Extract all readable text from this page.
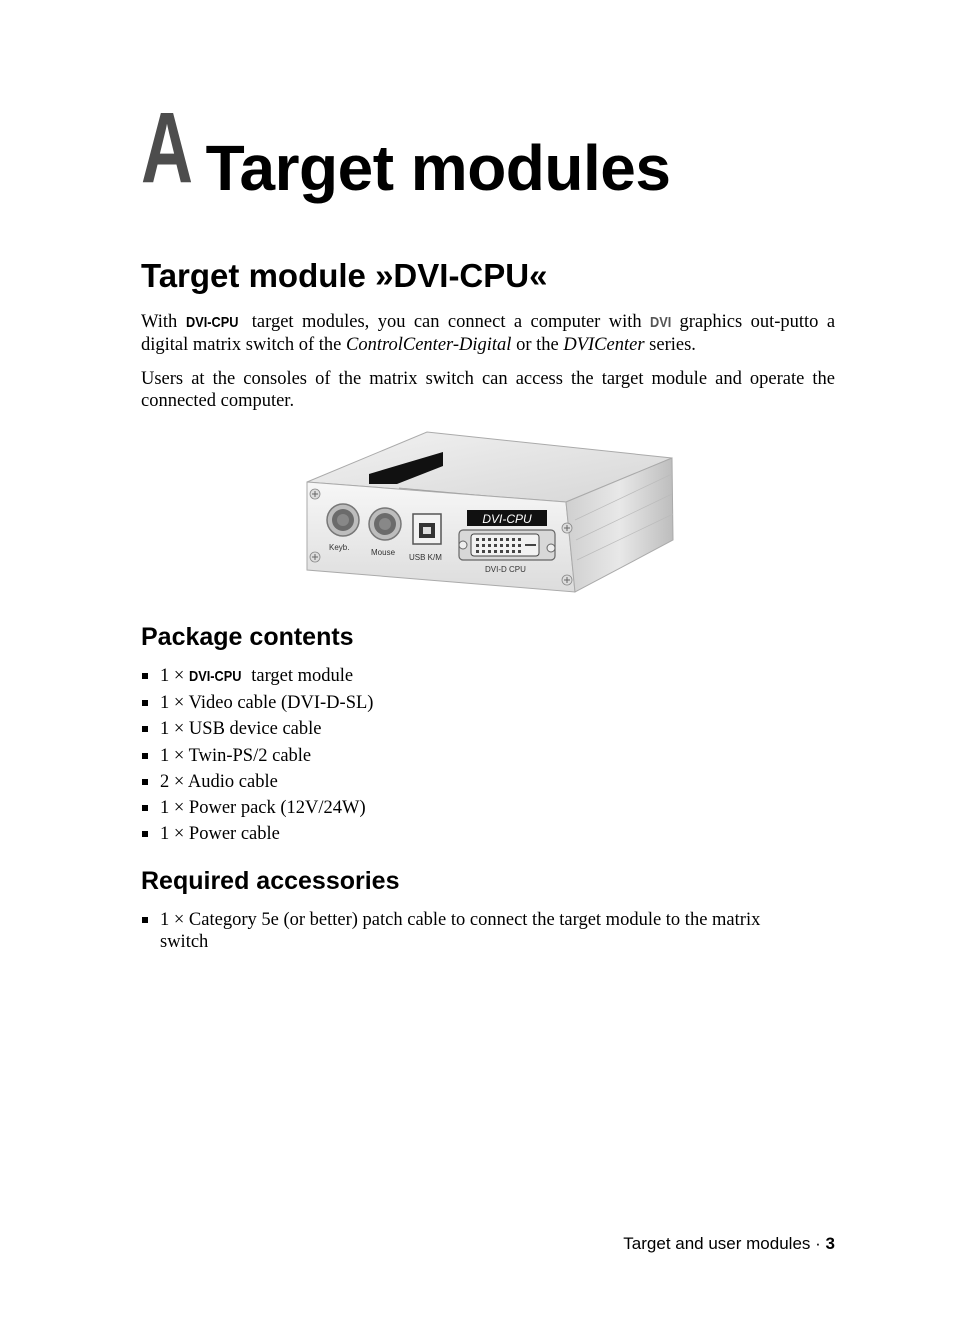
A Target modules
Target module »DVI-CPU«

With DVI-CPU target modules, you can connect a computer with DVI graphics out-putto a digital matrix switch of the ControlCenter-Digital or the DVICenter series.

Users at the consoles of the matrix switch can access the target module and operate the connected computer.

DVI-CPU
Keyb.
Mouse
USB K/M
DVI-D CPU
Package contents
1 × DVI-CPU target module
1 × Video cable (DVI-D-SL)
1 × USB device cable
1 × Twin-PS/2 cable
2 × Audio cable
1 × Power pack (12V/24W)
1 × Power cable
Required accessories
1 × Category 5e (or better) patch cable to connect the target module to the matrix switch
Target and user modules · 3
